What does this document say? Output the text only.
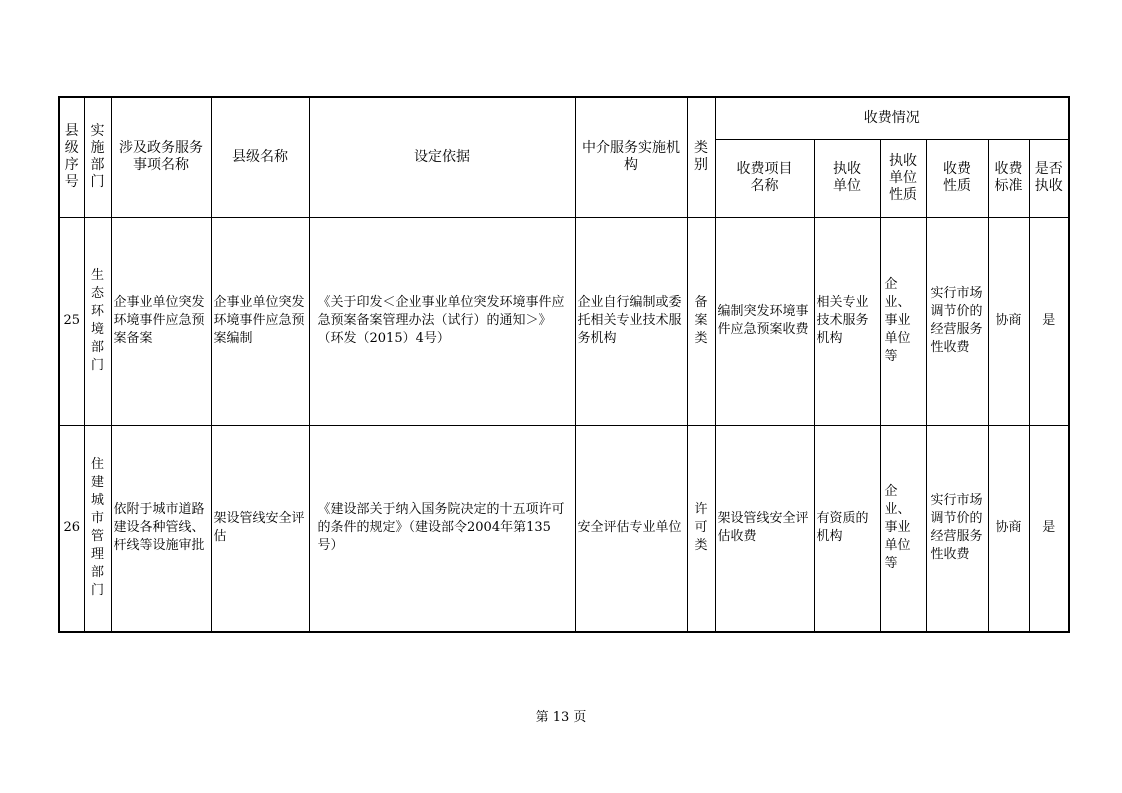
县级序号	实施部门	涉及政务服务事项名称	县级名称	设定依据	中介服务实施机构	类别	收费情况					
							收费项目名称	执收单位	执收单位性质	收费性质	收费标准	是否执收
25	生态环境部门	企事业单位突发环境事件应急预案备案	企事业单位突发环境事件应急预案编制	《关于印发＜企业事业单位突发环境事件应急预案备案管理办法（试行）的通知＞》（环发（2015）4号）	企业自行编制或委托相关专业技术服务机构	备案类	编制突发环境事件应急预案收费	相关专业技术服务机构	企业、事业单位等	实行市场调节价的经营服务性收费	协商	是
26	住建城市管理部门	依附于城市道路建设各种管线、杆线等设施审批	架设管线安全评估	《建设部关于纳入国务院决定的十五项许可的条件的规定》（建设部令2004年第135号）	安全评估专业单位	许可类	架设管线安全评估收费	有资质的机构	企业、事业单位等	实行市场调节价的经营服务性收费	协商	是
第 13 页
